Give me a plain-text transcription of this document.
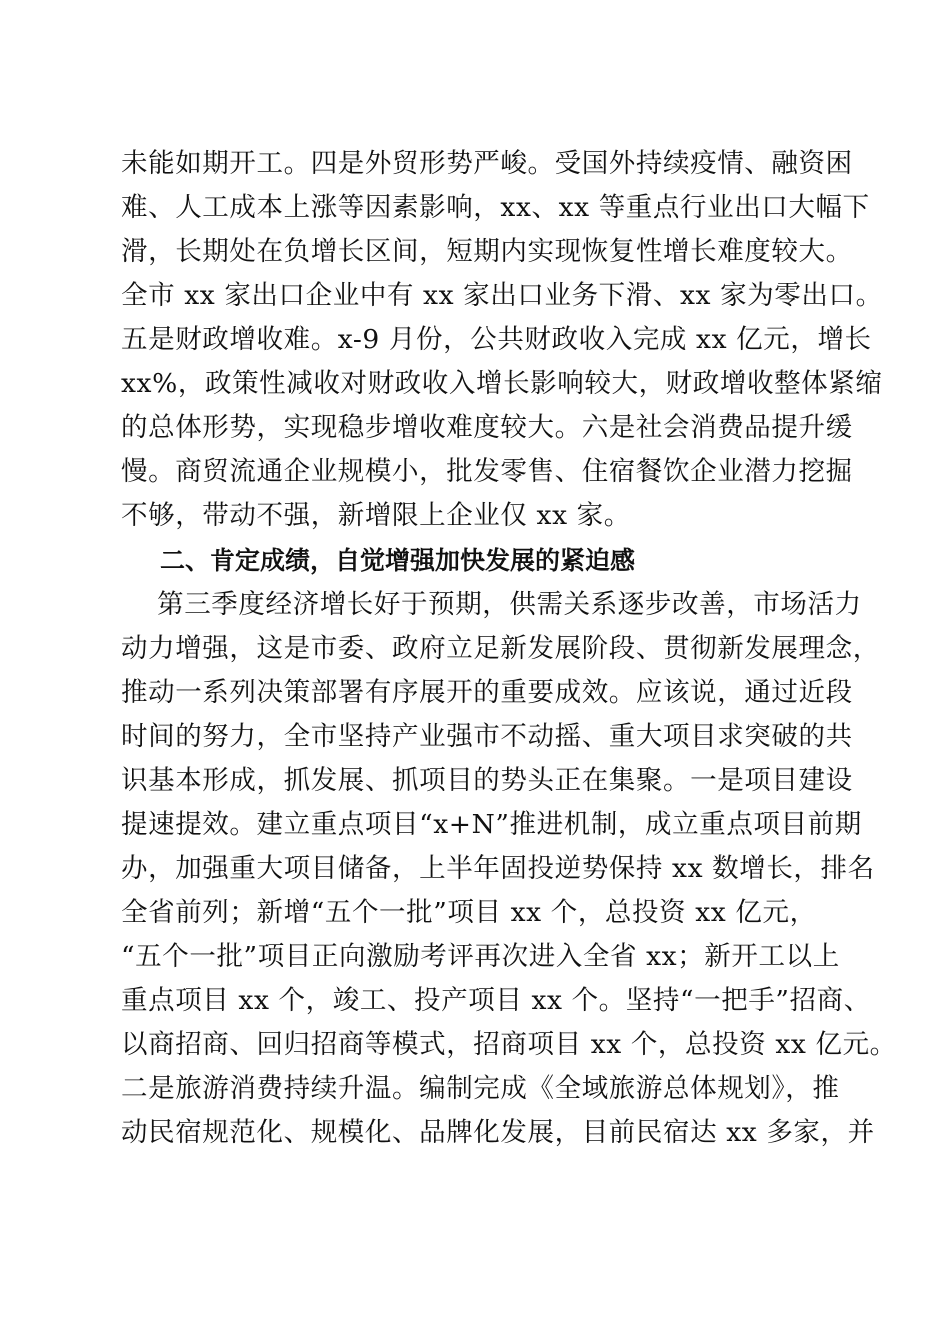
未能如期开工。四是外贸形势严峻。受国外持续疫情、融资困
难、人工成本上涨等因素影响，xx、xx 等重点行业出口大幅下
滑，长期处在负增长区间，短期内实现恢复性增长难度较大。
全市 xx 家出口企业中有 xx 家出口业务下滑、xx 家为零出口。
五是财政增收难。x-9 月份，公共财政收入完成 xx 亿元，增长
xx%，政策性减收对财政收入增长影响较大，财政增收整体紧缩
的总体形势，实现稳步增收难度较大。六是社会消费品提升缓
慢。商贸流通企业规模小，批发零售、住宿餐饮企业潜力挖掘
不够，带动不强，新增限上企业仅 xx 家。
二、肯定成绩，自觉增强加快发展的紧迫感
第三季度经济增长好于预期，供需关系逐步改善，市场活力
动力增强，这是市委、政府立足新发展阶段、贯彻新发展理念，
推动一系列决策部署有序展开的重要成效。应该说，通过近段
时间的努力，全市坚持产业强市不动摇、重大项目求突破的共
识基本形成，抓发展、抓项目的势头正在集聚。一是项目建设
提速提效。建立重点项目“x+N”推进机制，成立重点项目前期
办，加强重大项目储备，上半年固投逆势保持 xx 数增长，排名
全省前列；新增“五个一批”项目 xx 个，总投资 xx 亿元，
“五个一批”项目正向激励考评再次进入全省 xx；新开工以上
重点项目 xx 个，竣工、投产项目 xx 个。坚持“一把手”招商、
以商招商、回归招商等模式，招商项目 xx 个，总投资 xx 亿元。
二是旅游消费持续升温。编制完成《全域旅游总体规划》，推
动民宿规范化、规模化、品牌化发展，目前民宿达 xx 多家，并
